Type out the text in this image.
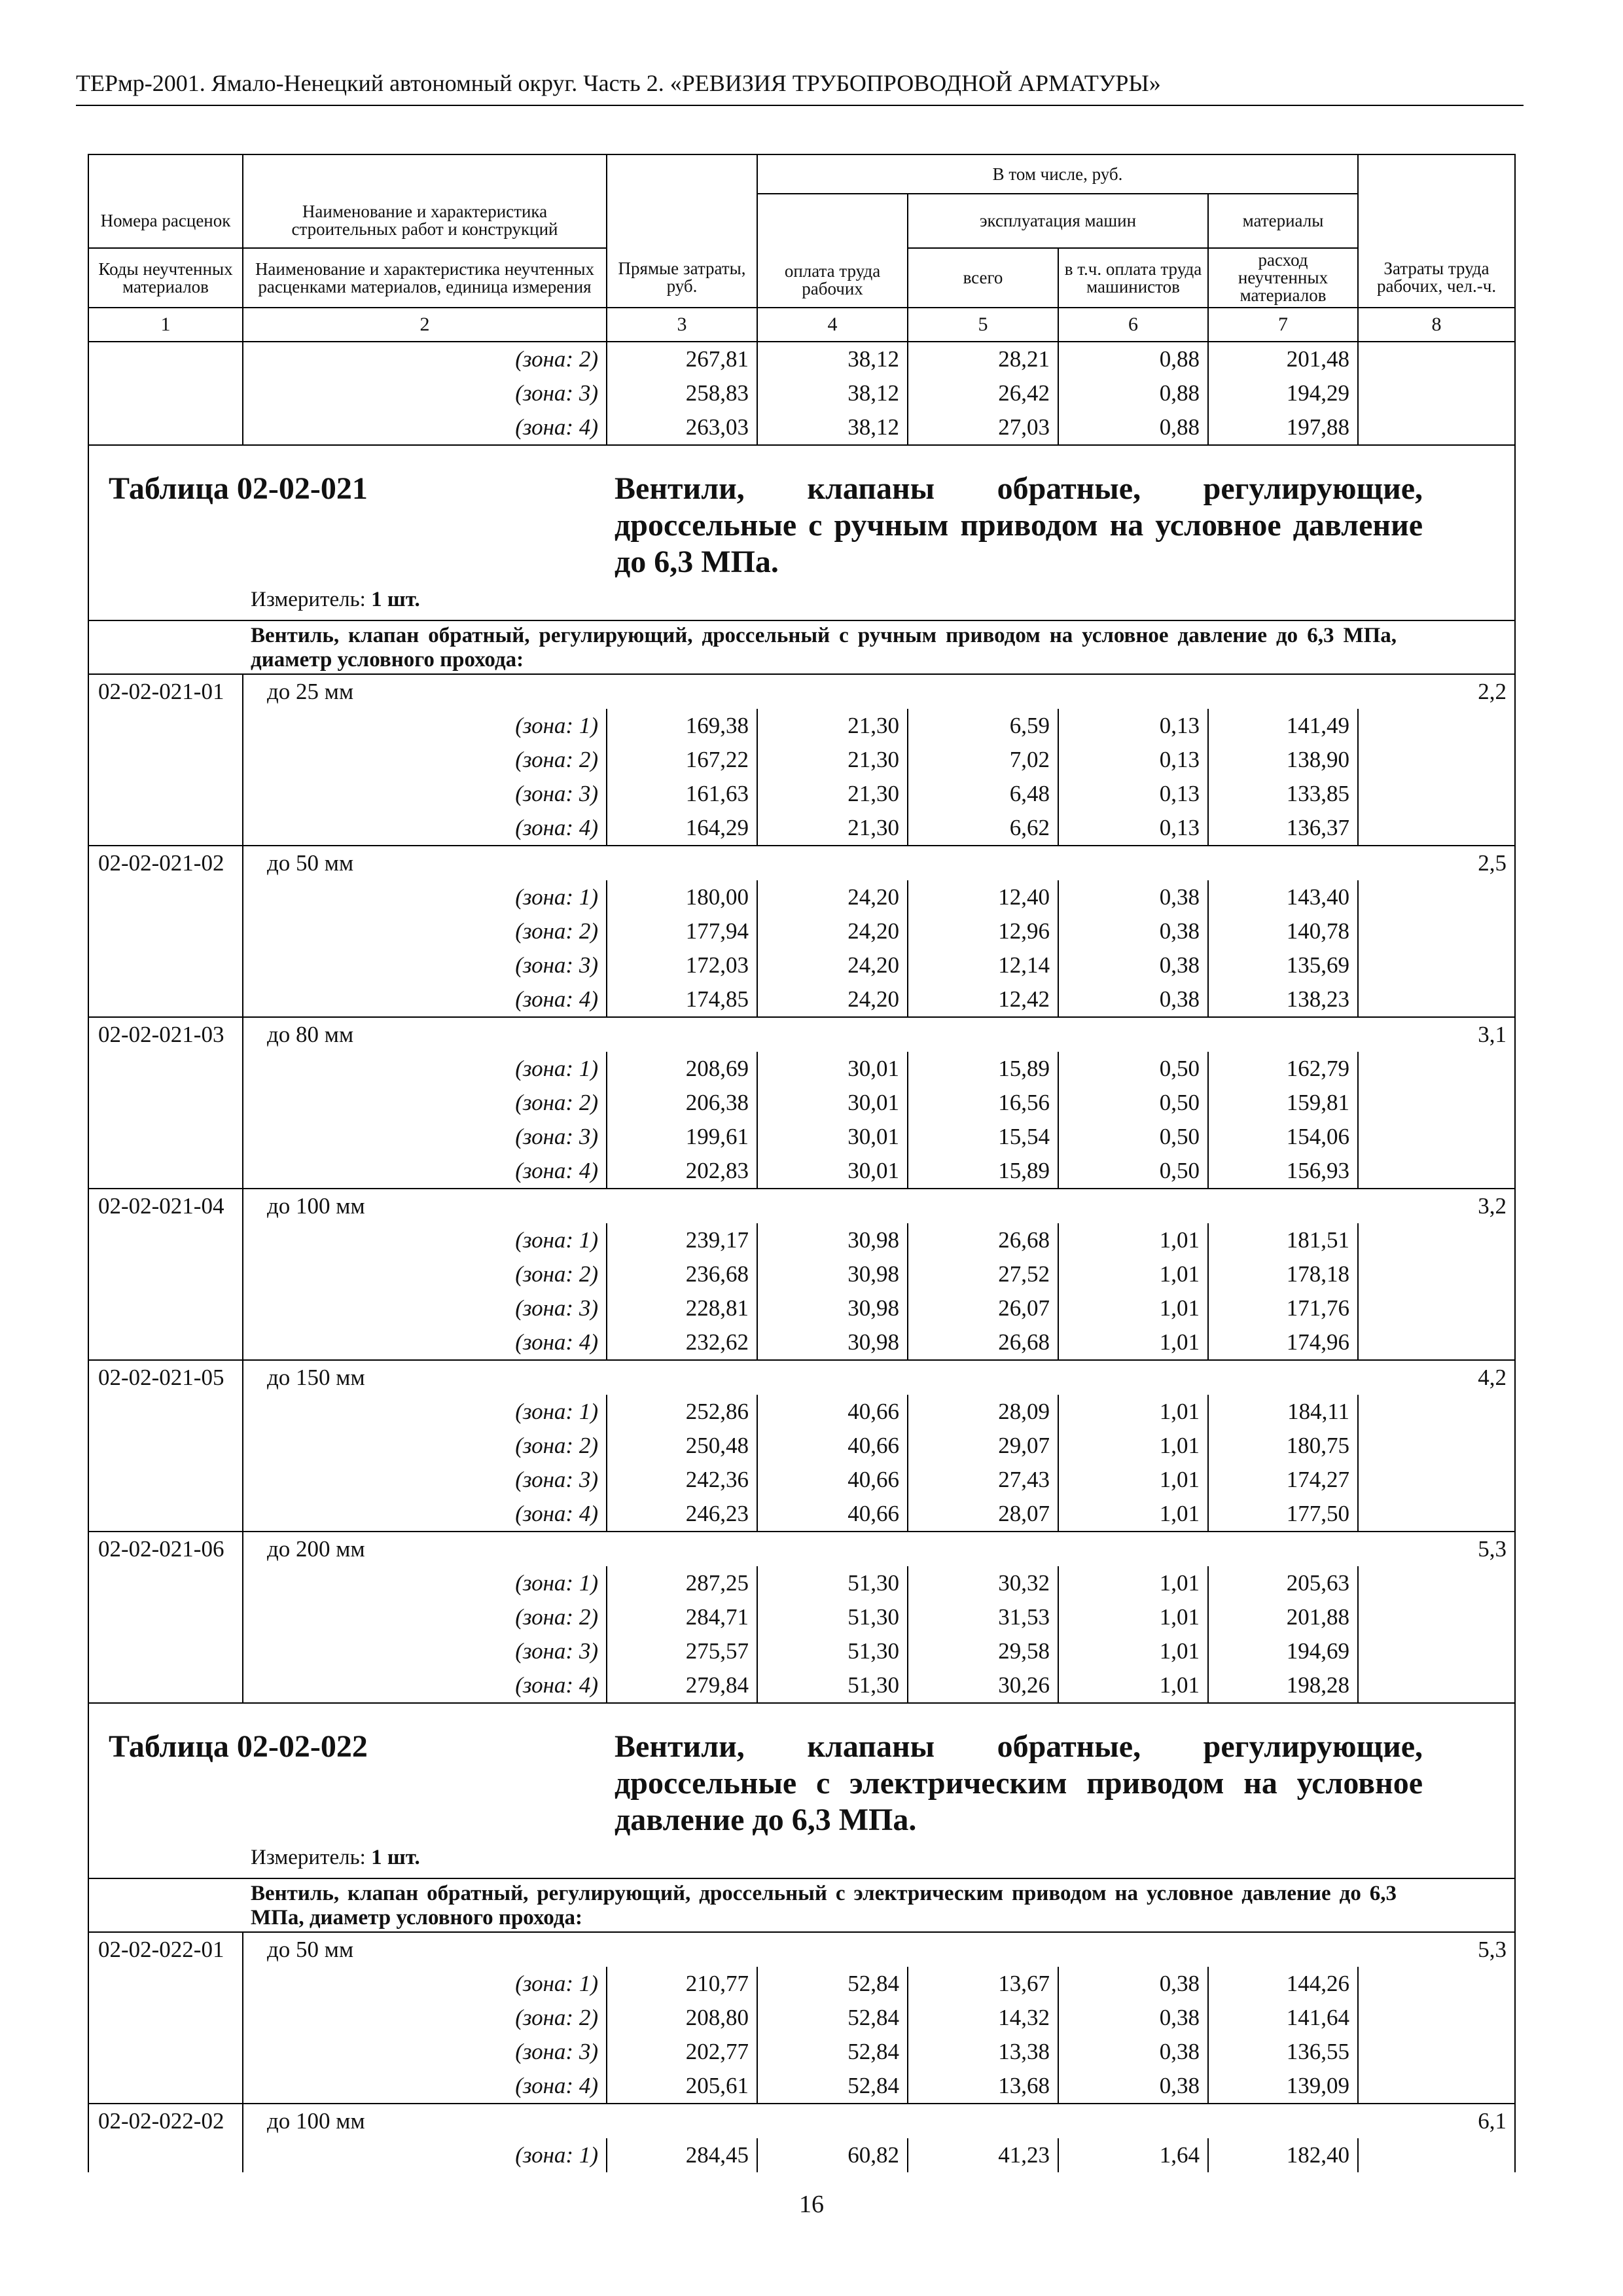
ТЕРмр-2001. Ямало-Ненецкий автономный округ. Часть 2. «РЕВИЗИЯ ТРУБОПРОВОДНОЙ АРМАТУРЫ»
		Прямые затраты, руб.	В том числе, руб.				Затраты труда рабочих, чел.-ч.
Номера расценок	Наименование и характеристика строительных работ и конструкций		оплата труда рабочих	эксплуатация машин		материалы	
Коды неучтенных материалов	Наименование и характеристика неучтенных расценками материалов, единица измерения			всего	в т.ч. оплата труда машинистов	расход неучтенных материалов	

1	2	3	4	5	6	7	8
	(зона: 2)	267,81	38,12	28,21	0,88	201,48	
	(зона: 3)	258,83	38,12	26,42	0,88	194,29	
	(зона: 4)	263,03	38,12	27,03	0,88	197,88	
Таблица 02-02-021		Вентили, клапаны обратные, регулирующие, дроссельные с ручным приводом на условное давление до 6,3 МПа.					
	Измеритель: 1 шт.						
	Вентиль, клапан обратный, регулирующий, дроссельный с ручным приводом на условное давление до 6,3 МПа, диаметр условного прохода:						
02-02-021-01	до 25 мм						2,2
	(зона: 1)	169,38	21,30	6,59	0,13	141,49	
	(зона: 2)	167,22	21,30	7,02	0,13	138,90	
	(зона: 3)	161,63	21,30	6,48	0,13	133,85	
	(зона: 4)	164,29	21,30	6,62	0,13	136,37	
02-02-021-02	до 50 мм						2,5
	(зона: 1)	180,00	24,20	12,40	0,38	143,40	
	(зона: 2)	177,94	24,20	12,96	0,38	140,78	
	(зона: 3)	172,03	24,20	12,14	0,38	135,69	
	(зона: 4)	174,85	24,20	12,42	0,38	138,23	
02-02-021-03	до 80 мм						3,1
	(зона: 1)	208,69	30,01	15,89	0,50	162,79	
	(зона: 2)	206,38	30,01	16,56	0,50	159,81	
	(зона: 3)	199,61	30,01	15,54	0,50	154,06	
	(зона: 4)	202,83	30,01	15,89	0,50	156,93	
02-02-021-04	до 100 мм						3,2
	(зона: 1)	239,17	30,98	26,68	1,01	181,51	
	(зона: 2)	236,68	30,98	27,52	1,01	178,18	
	(зона: 3)	228,81	30,98	26,07	1,01	171,76	
	(зона: 4)	232,62	30,98	26,68	1,01	174,96	
02-02-021-05	до 150 мм						4,2
	(зона: 1)	252,86	40,66	28,09	1,01	184,11	
	(зона: 2)	250,48	40,66	29,07	1,01	180,75	
	(зона: 3)	242,36	40,66	27,43	1,01	174,27	
	(зона: 4)	246,23	40,66	28,07	1,01	177,50	
02-02-021-06	до 200 мм						5,3
	(зона: 1)	287,25	51,30	30,32	1,01	205,63	
	(зона: 2)	284,71	51,30	31,53	1,01	201,88	
	(зона: 3)	275,57	51,30	29,58	1,01	194,69	
	(зона: 4)	279,84	51,30	30,26	1,01	198,28	
Таблица 02-02-022		Вентили, клапаны обратные, регулирующие, дроссельные с электрическим приводом на условное давление до 6,3 МПа.					
	Измеритель: 1 шт.						
	Вентиль, клапан обратный, регулирующий, дроссельный с электрическим приводом на условное давление до 6,3 МПа, диаметр условного прохода:						
02-02-022-01	до 50 мм						5,3
	(зона: 1)	210,77	52,84	13,67	0,38	144,26	
	(зона: 2)	208,80	52,84	14,32	0,38	141,64	
	(зона: 3)	202,77	52,84	13,38	0,38	136,55	
	(зона: 4)	205,61	52,84	13,68	0,38	139,09	
02-02-022-02	до 100 мм						6,1
	(зона: 1)	284,45	60,82	41,23	1,64	182,40	
16
